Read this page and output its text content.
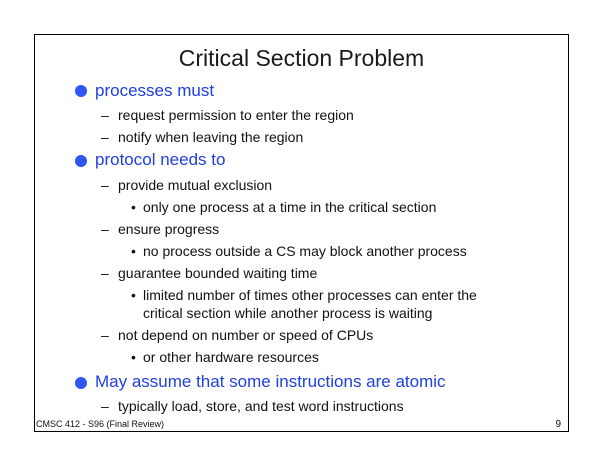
Critical Section Problem
processes must
– request permission to enter the region
– notify when leaving the region
protocol needs to
– provide mutual exclusion
• only one process at a time in the critical section
– ensure progress
• no process outside a CS may block another process
– guarantee bounded waiting time
• limited number of times other processes can enter the
critical section while another process is waiting
– not depend on number or speed of CPUs
• or other hardware resources
May assume that some instructions are atomic
– typically load, store, and test word instructions
CMSC 412 - S96 (Final Review)	9
